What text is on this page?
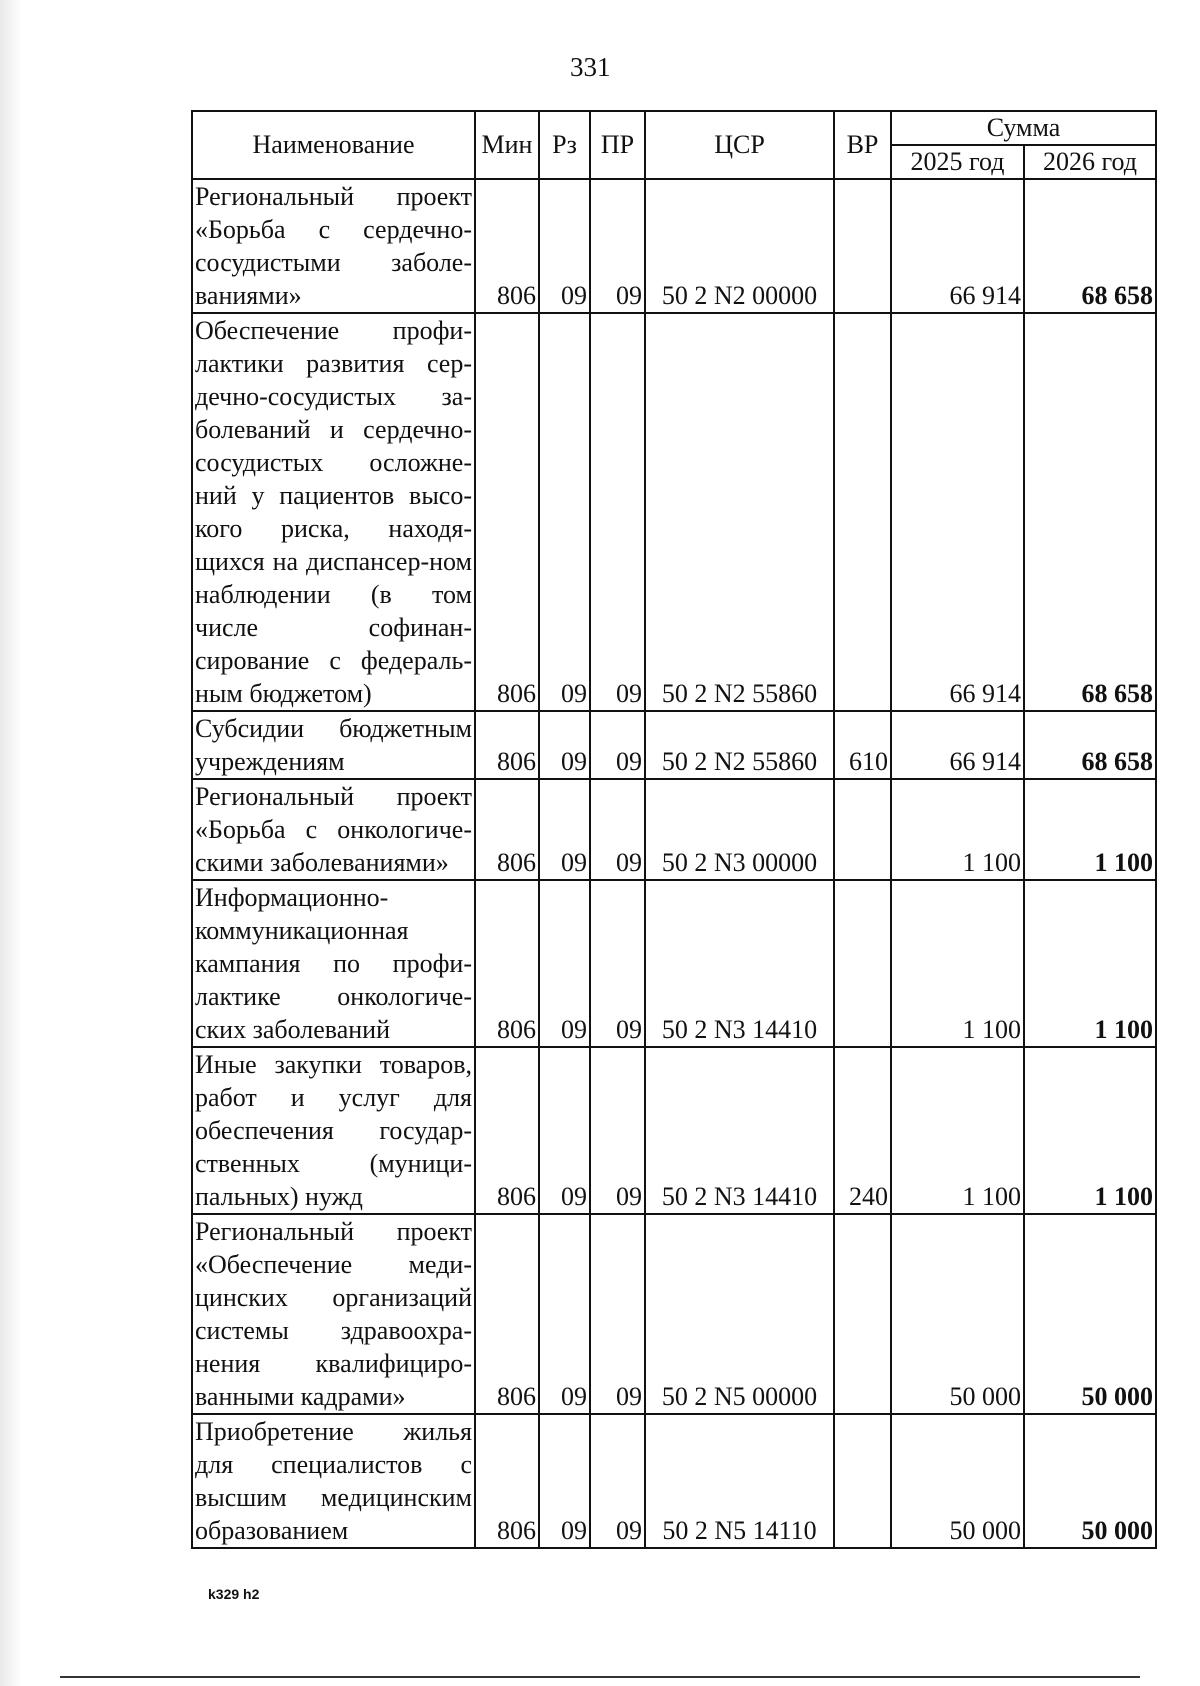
331
Наименование	Мин	Рз	ПР	ЦСР	ВР	Сумма	
						2025 год	2026 год
Региональный проект «Борьба с сердечно-сосудистыми заболе-ваниями»	806	09	09	50 2 N2 00000		66 914	68 658
Обеспечение профи-лактики развития сер-дечно-сосудистых за-болеваний и сердечно-сосудистых осложне-ний у пациентов высо-кого риска, находя-щихся на диспансер-ном наблюдении (в том числе софинан-сирование с федераль-ным бюджетом)	806	09	09	50 2 N2 55860		66 914	68 658
Субсидии бюджетным учреждениям	806	09	09	50 2 N2 55860	610	66 914	68 658
Региональный проект «Борьба с онкологиче-скими заболеваниями»	806	09	09	50 2 N3 00000		1 100	1 100
Информационно-коммуникационная кампания по профи-лактике онкологиче-ских заболеваний	806	09	09	50 2 N3 14410		1 100	1 100
Иные закупки товаров, работ и услуг для обеспечения государ-ственных (муници-пальных) нужд	806	09	09	50 2 N3 14410	240	1 100	1 100
Региональный проект «Обеспечение меди-цинских организаций системы здравоохра-нения квалифициро-ванными кадрами»	806	09	09	50 2 N5 00000		50 000	50 000
Приобретение жилья для специалистов с высшим медицинским образованием	806	09	09	50 2 N5 14110		50 000	50 000
k329 h2
